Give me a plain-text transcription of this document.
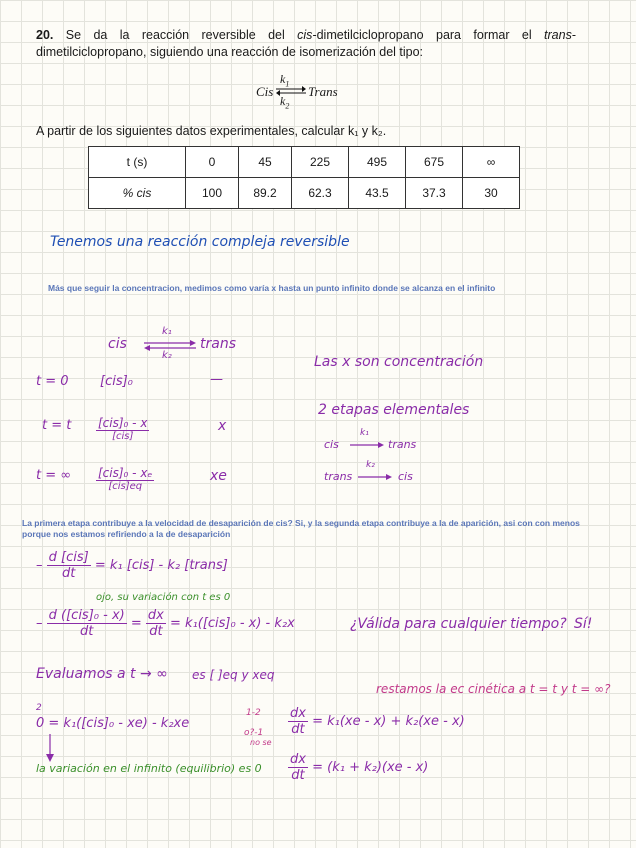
20. Se da la reacción reversible del cis-dimetilciclopropano para formar el trans-dimetilciclopropano, siguiendo una reacción de isomerización del tipo:
Cis
$k_1$
$k_2$
Trans
A partir de los siguientes datos experimentales, calcular k₁ y k₂.
t (s)	0	45	225	495	675	∞
% cis	100	89.2	62.3	43.5	37.3	30
Tenemos una reacción compleja reversible
Más que seguir la concentracion, medimos como varía x hasta un punto infinito donde se alcanza en el infinito
cis
k₁
k₂
trans
t = 0 [cis]₀	—
t = t $\frac{\text{[cis]₀ - x}}{\text{[cis]}}$	x
t = ∞ $\frac{\text{[cis]₀ - xₑ}}{\text{[cis]eq}}$	xe
Las x son concentración
2 etapas elementales
cis
k₁
trans
trans
k₂
cis
La primera etapa contribuye a la velocidad de desaparición de cis? Si, y la segunda etapa contribuye a la de aparición, asi con con menos porque nos estamos refiriendo a la de desaparición
– $\frac{\text{d [cis]}}{dt} = k_1$ [cis] - k₂ [trans]
ojo, su variación con t es 0
– $\frac{\text{d ([cis]₀ - x)}}{dt} = \frac{dx}{dt} = k_1([cis]_0 - x) - k_2x$	¿Válida para cualquier tiempo? Sí!
Evaluamos a t → ∞ es [ ]eq y xeq
restamos la ec cinética a t = t y t = ∞?
2
0 = k₁([cis]₀ - xe) - k₂xe
1-2
o?-1
no se
$\frac{dx}{dt} = k_1(xe - x) + k_2(xe - x)$
la variación en el infinito (equilibrio) es $0 \frac{dx}{dt} = (k_1 + k_2)(xe - x)$
